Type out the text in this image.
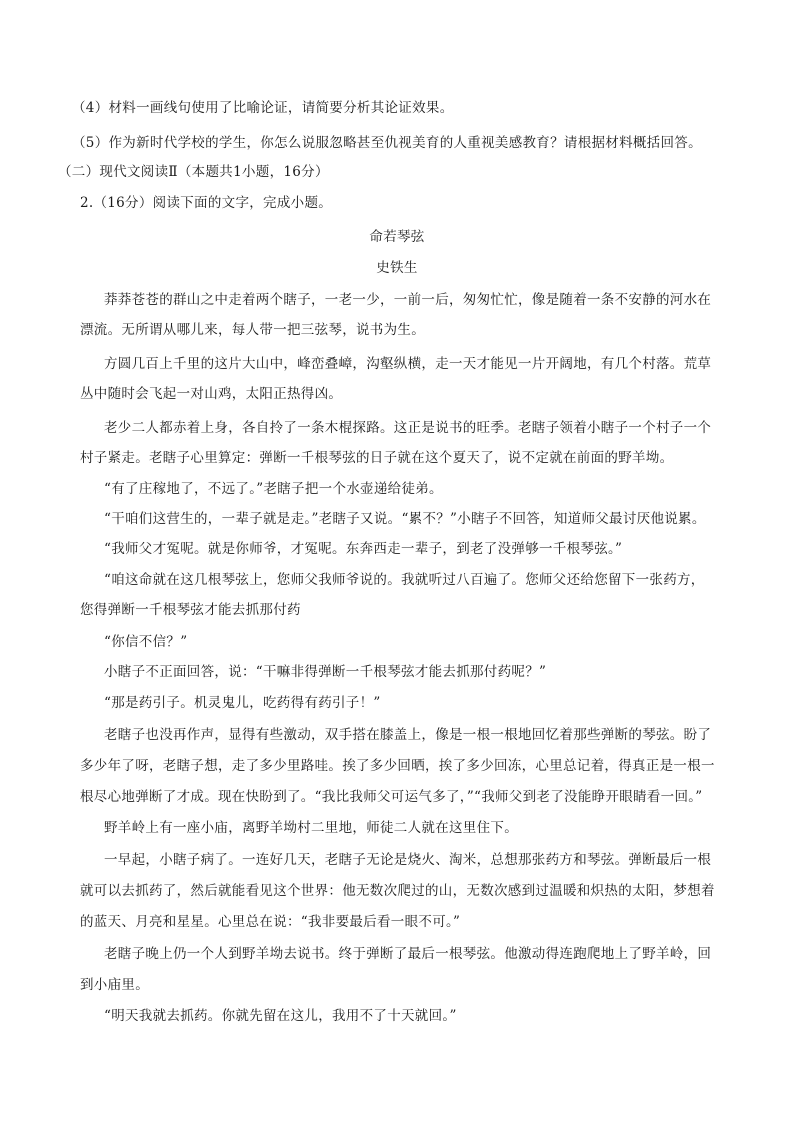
（4）材料一画线句使用了比喻论证，请简要分析其论证效果。
（5）作为新时代学校的学生，你怎么说服忽略甚至仇视美育的人重视美感教育？请根据材料概括回答。
（二）现代文阅读Ⅱ（本题共1小题，16分）
2.（16分）阅读下面的文字，完成小题。
命若琴弦
史铁生
莽莽苍苍的群山之中走着两个瞎子，一老一少，一前一后，匆匆忙忙，像是随着一条不安静的河水在
漂流。无所谓从哪儿来，每人带一把三弦琴，说书为生。
方圆几百上千里的这片大山中，峰峦叠嶂，沟壑纵横，走一天才能见一片开阔地，有几个村落。荒草
丛中随时会飞起一对山鸡，太阳正热得凶。
老少二人都赤着上身，各自拎了一条木棍探路。这正是说书的旺季。老瞎子领着小瞎子一个村子一个
村子紧走。老瞎子心里算定：弹断一千根琴弦的日子就在这个夏天了，说不定就在前面的野羊坳。
“有了庄稼地了，不远了。”老瞎子把一个水壶递给徒弟。
“干咱们这营生的，一辈子就是走。”老瞎子又说。“累不？”小瞎子不回答，知道师父最讨厌他说累。
“我师父才冤呢。就是你师爷，才冤呢。东奔西走一辈子，到老了没弹够一千根琴弦。”
“咱这命就在这几根琴弦上，您师父我师爷说的。我就听过八百遍了。您师父还给您留下一张药方，
您得弹断一千根琴弦才能去抓那付药
“你信不信？”
小瞎子不正面回答，说：“干嘛非得弹断一千根琴弦才能去抓那付药呢？”
“那是药引子。机灵鬼儿，吃药得有药引子！”
老瞎子也没再作声，显得有些激动，双手搭在膝盖上，像是一根一根地回忆着那些弹断的琴弦。盼了
多少年了呀，老瞎子想，走了多少里路哇。挨了多少回晒，挨了多少回冻，心里总记着，得真正是一根一
根尽心地弹断了才成。现在快盼到了。“我比我师父可运气多了，”“我师父到老了没能睁开眼睛看一回。”
野羊岭上有一座小庙，离野羊坳村二里地，师徒二人就在这里住下。
一早起，小瞎子病了。一连好几天，老瞎子无论是烧火、淘米，总想那张药方和琴弦。弹断最后一根
就可以去抓药了，然后就能看见这个世界：他无数次爬过的山，无数次感到过温暖和炽热的太阳，梦想着
的蓝天、月亮和星星。心里总在说：“我非要最后看一眼不可。”
老瞎子晚上仍一个人到野羊坳去说书。终于弹断了最后一根琴弦。他激动得连跑爬地上了野羊岭，回
到小庙里。
“明天我就去抓药。你就先留在这儿，我用不了十天就回。”
